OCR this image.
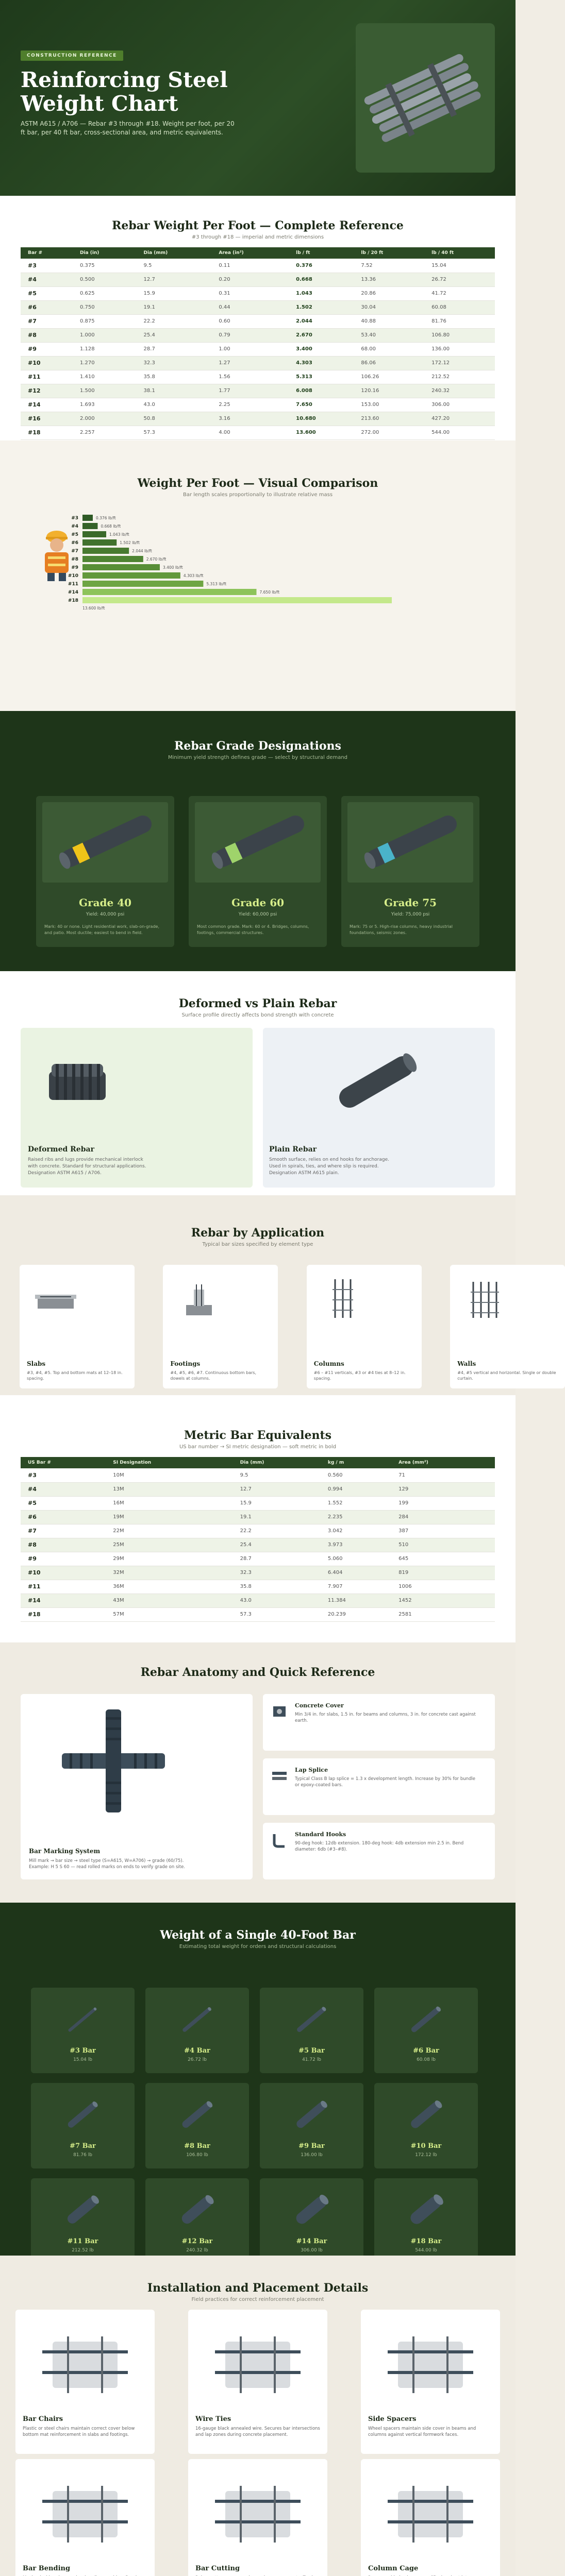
CONSTRUCTION REFERENCE
Reinforcing Steel Weight Chart
ASTM A615 / A706 — Rebar #3 through #18. Weight per foot, per 20 ft bar, per 40 ft bar, cross-sectional area, and metric equivalents.
Rebar Weight Per Foot — Complete Reference
#3 through #18 — imperial and metric dimensions
Bar #	Dia (in)	Dia (mm)	Area (in²)	lb / ft	lb / 20 ft	lb / 40 ft
#3	0.375	9.5	0.11	0.376	7.52	15.04
#4	0.500	12.7	0.20	0.668	13.36	26.72
#5	0.625	15.9	0.31	1.043	20.86	41.72
#6	0.750	19.1	0.44	1.502	30.04	60.08
#7	0.875	22.2	0.60	2.044	40.88	81.76
#8	1.000	25.4	0.79	2.670	53.40	106.80
#9	1.128	28.7	1.00	3.400	68.00	136.00
#10	1.270	32.3	1.27	4.303	86.06	172.12
#11	1.410	35.8	1.56	5.313	106.26	212.52
#12	1.500	38.1	1.77	6.008	120.16	240.32
#14	1.693	43.0	2.25	7.650	153.00	306.00
#16	2.000	50.8	3.16	10.680	213.60	427.20
#18	2.257	57.3	4.00	13.600	272.00	544.00
Weight Per Foot — Visual Comparison
Bar length scales proportionally to illustrate relative mass
#3	0.376 lb/ft
#4	0.668 lb/ft
#5	1.043 lb/ft
#6	1.502 lb/ft
#7	2.044 lb/ft
#8	2.670 lb/ft
#9	3.400 lb/ft
#10	4.303 lb/ft
#11	5.313 lb/ft
#14	7.650 lb/ft
#18
13.600 lb/ft
Rebar Grade Designations
Minimum yield strength defines grade — select by structural demand
Grade 40
Yield: 40,000 psi
Mark: 40 or none. Light residential work, slab-on-grade, and patio. Most ductile; easiest to bend in field.
Grade 60
Yield: 60,000 psi
Most common grade. Mark: 60 or 4. Bridges, columns, footings, commercial structures.
Grade 75
Yield: 75,000 psi
Mark: 75 or 5. High-rise columns, heavy industrial foundations, seismic zones.
Deformed vs Plain Rebar
Surface profile directly affects bond strength with concrete
Deformed Rebar
Raised ribs and lugs provide mechanical interlock with concrete. Standard for structural applications. Designation ASTM A615 / A706.
Plain Rebar
Smooth surface, relies on end hooks for anchorage. Used in spirals, ties, and where slip is required. Designation ASTM A615 plain.
Rebar by Application
Typical bar sizes specified by element type
Slabs
#3, #4, #5. Top and bottom mats at 12–18 in. spacing.
Footings
#4, #5, #6, #7. Continuous bottom bars, dowels at columns.
Columns
#6 – #11 verticals, #3 or #4 ties at 8–12 in. spacing.
Walls
#4, #5 vertical and horizontal. Single or double curtain.
Metric Bar Equivalents
US bar number → SI metric designation — soft metric in bold
US Bar #	SI Designation	Dia (mm)	kg / m	Area (mm²)
#3	10M	9.5	0.560	71
#4	13M	12.7	0.994	129
#5	16M	15.9	1.552	199
#6	19M	19.1	2.235	284
#7	22M	22.2	3.042	387
#8	25M	25.4	3.973	510
#9	29M	28.7	5.060	645
#10	32M	32.3	6.404	819
#11	36M	35.8	7.907	1006
#14	43M	43.0	11.384	1452
#18	57M	57.3	20.239	2581
Rebar Anatomy and Quick Reference
Bar Marking System
Mill mark → bar size → steel type (S=A615, W=A706) → grade (60/75). Example: H 5 S 60 — read rolled marks on ends to verify grade on site.
Concrete Cover
Min 3/4 in. for slabs, 1.5 in. for beams and columns, 3 in. for concrete cast against earth.
Lap Splice
Typical Class B lap splice = 1.3 x development length. Increase by 30% for bundle or epoxy-coated bars.
Standard Hooks
90-deg hook: 12db extension. 180-deg hook: 4db extension min 2.5 in. Bend diameter: 6db (#3–#8).
Weight of a Single 40-Foot Bar
Estimating total weight for orders and structural calculations
#3 Bar
15.04 lb
#4 Bar
26.72 lb
#5 Bar
41.72 lb
#6 Bar
60.08 lb
#7 Bar
81.76 lb
#8 Bar
106.80 lb
#9 Bar
136.00 lb
#10 Bar
172.12 lb
#11 Bar
212.52 lb
#12 Bar
240.32 lb
#14 Bar
306.00 lb
#18 Bar
544.00 lb
Installation and Placement Details
Field practices for correct reinforcement placement
Bar Chairs
Plastic or steel chairs maintain correct cover below bottom mat reinforcement in slabs and footings.
Wire Ties
16-gauge black annealed wire. Secures bar intersections and lap zones during concrete placement.
Side Spacers
Wheel spacers maintain side cover in beams and columns against vertical formwork faces.
Bar Bending	Bar Cutting	Column Cage
